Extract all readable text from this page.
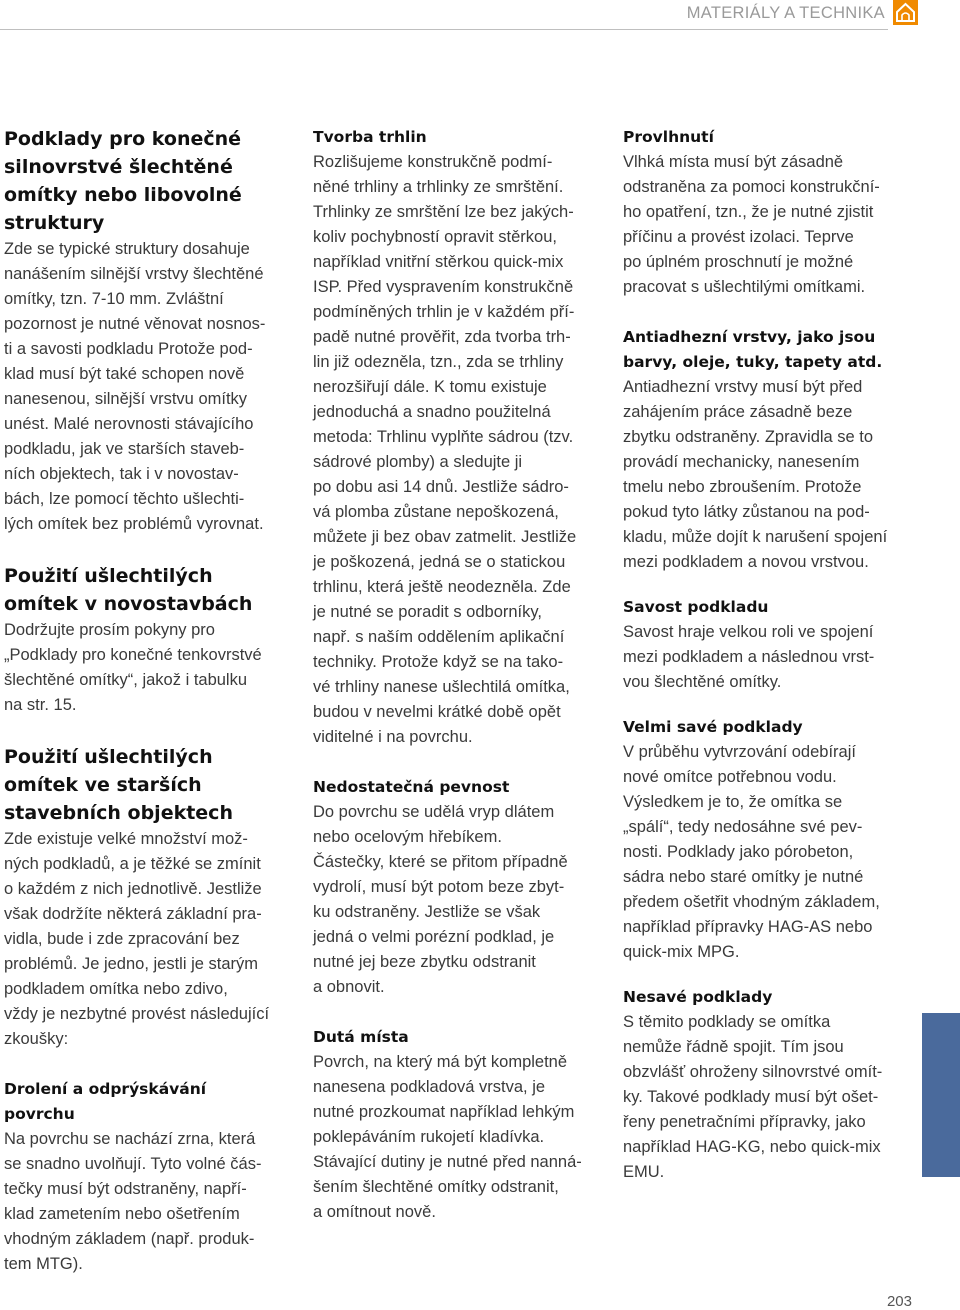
MATERIÁLY A TECHNIKA
Podklady pro konečné
silnovrstvé šlechtěné
omítky nebo libovolné
struktury

Zde se typické struktury dosahuje
nanášením silnější vrstvy šlechtěné
omítky, tzn. 7-10 mm. Zvláštní
pozornost je nutné věnovat nosnos-
ti a savosti podkladu Protože pod-
klad musí být také schopen nově
nanesenou, silnější vrstvu omítky
unést. Malé nerovnosti stávajícího
podkladu, jak ve starších staveb-
ních objektech, tak i v novostav-
bách, lze pomocí těchto ušlechti-
lých omítek bez problémů vyrovnat.

Použití ušlechtilých
omítek v novostavbách

Dodržujte prosím pokyny pro
„Podklady pro konečné tenkovrstvé
šlechtěné omítky“, jakož i tabulku
na str. 15.

Použití ušlechtilých
omítek ve starších
stavebních objektech

Zde existuje velké množství mož-
ných podkladů, a je těžké se zmínit
o každém z nich jednotlivě. Jestliže
však dodržíte některá základní pra-
vidla, bude i zde zpracování bez
problémů. Je jedno, jestli je starým
podkladem omítka nebo zdivo,
vždy je nezbytné provést následující
zkoušky:

Drolení a odprýskávání
povrchu

Na povrchu se nachází zrna, která
se snadno uvolňují. Tyto volné čás-
tečky musí být odstraněny, napří-
klad zametením nebo ošetřením
vhodným základem (např. produk-
tem MTG).

Tvorba trhlin

Rozlišujeme konstrukčně podmí-
něné trhliny a trhlinky ze smrštění.
Trhlinky ze smrštění lze bez jakých-
koliv pochybností opravit stěrkou,
například vnitřní stěrkou quick-mix
ISP. Před vyspravením konstrukčně
podmíněných trhlin je v každém pří-
padě nutné prověřit, zda tvorba trh-
lin již odezněla, tzn., zda se trhliny
nerozšiřují dále. K tomu existuje
jednoduchá a snadno použitelná
metoda: Trhlinu vyplňte sádrou (tzv.
sádrové plomby) a sledujte ji
po dobu asi 14 dnů. Jestliže sádro-
vá plomba zůstane nepoškozená,
můžete ji bez obav zatmelit. Jestliže
je poškozená, jedná se o statickou
trhlinu, která ještě neodezněla. Zde
je nutné se poradit s odborníky,
např. s naším oddělením aplikační
techniky. Protože když se na tako-
vé trhliny nanese ušlechtilá omítka,
budou v nevelmi krátké době opět
viditelné i na povrchu.

Nedostatečná pevnost

Do povrchu se udělá vryp dlátem
nebo ocelovým hřebíkem.
Částečky, které se přitom případně
vydrolí, musí být potom beze zbyt-
ku odstraněny. Jestliže se však
jedná o velmi porézní podklad, je
nutné jej beze zbytku odstranit
a obnovit.

Dutá místa

Povrch, na který má být kompletně
nanesena podkladová vrstva, je
nutné prozkoumat například lehkým
poklepáváním rukojetí kladívka.
Stávající dutiny je nutné před nanná-
šením šlechtěné omítky odstranit,
a omítnout nově.

Provlhnutí

Vlhká místa musí být zásadně
odstraněna za pomoci konstrukční-
ho opatření, tzn., že je nutné zjistit
příčinu a provést izolaci. Teprve
po úplném proschnutí je možné
pracovat s ušlechtilými omítkami.

Antiadhezní vrstvy, jako jsou
barvy, oleje, tuky, tapety atd.

Antiadhezní vrstvy musí být před
zahájením práce zásadně beze
zbytku odstraněny. Zpravidla se to
provádí mechanicky, nanesením
tmelu nebo zbroušením. Protože
pokud tyto látky zůstanou na pod-
kladu, může dojít k narušení spojení
mezi podkladem a novou vrstvou.

Savost podkladu

Savost hraje velkou roli ve spojení
mezi podkladem a následnou vrst-
vou šlechtěné omítky.

Velmi savé podklady

V průběhu vytvrzování odebírají
nové omítce potřebnou vodu.
Výsledkem je to, že omítka se
„spálí“, tedy nedosáhne své pev-
nosti. Podklady jako pórobeton,
sádra nebo staré omítky je nutné
předem ošetřit vhodným základem,
například přípravky HAG-AS nebo
quick-mix MPG.

Nesavé podklady

S těmito podklady se omítka
nemůže řádně spojit. Tím jsou
obzvlášť ohroženy silnovrstvé omít-
ky. Takové podklady musí být ošet-
řeny penetračními přípravky, jako
například HAG-KG, nebo quick-mix
EMU.

203
